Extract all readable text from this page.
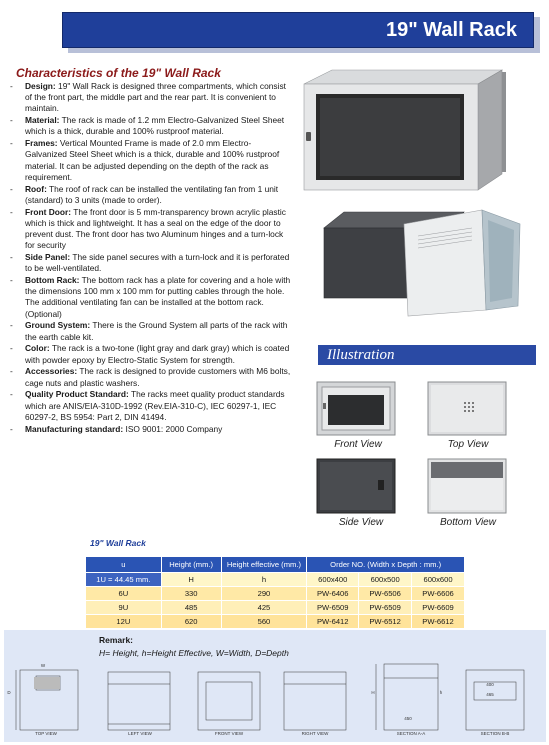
19" Wall Rack
Characteristics of the 19" Wall Rack
- Design: 19" Wall Rack is designed three compartments, which consist of the front part, the middle part and the rear part. It is convenient to maintain.
- Material: The rack is made of 1.2 mm Electro-Galvanized Steel Sheet which is a thick, durable and 100% rustproof material.
- Frames: Vertical Mounted Frame is made of 2.0 mm Electro-Galvanized Steel Sheet which is a thick, durable and 100% rustproof material. It can be adjusted depending on the depth of the rack as requirement.
- Roof: The roof of rack can be installed the ventilating fan from 1 unit (standard) to 3 units (made to order).
- Front Door: The front door is 5 mm-transparency brown acrylic plastic which is thick and lightweight. It has a seal on the edge of the door to prevent dust. The front door has two Aluminum hinges and a turn-lock for security
- Side Panel: The side panel secures with a turn-lock and it is perforated to be well-ventilated.
- Bottom Rack: The bottom rack has a plate for covering and a hole with the dimensions 100 mm x 100 mm for putting cables through the hole. The additional ventilating fan can be installed at the bottom rack. (Optional)
- Ground System: There is the Ground System all parts of the rack with the earth cable kit.
- Color: The rack is a two-tone (light gray and dark gray) which is coated with powder epoxy by Electro-Static System for strength.
- Accessories: The rack is designed to provide customers with M6 bolts, cage nuts and plastic washers.
- Quality Product Standard: The racks meet quality product standards which are ANIS/EIA-310D-1992 (Rev.EIA-310-C), IEC 60297-1, IEC 60297-2, BS 5954: Part 2, DIN 41494.
- Manufacturing standard: ISO 9001: 2000 Company
Illustration
Front View	Top View
Side View	Bottom View
19" Wall Rack
u	Height (mm.)	Height effective (mm.)	Order NO. (Width x Depth : mm.)		
1U = 44.45 mm.	H	h	600x400	600x500	600x600
6U	330	290	PW-6406	PW-6506	PW-6606
9U	485	425	PW-6509	PW-6509	PW-6609
12U	620	560	PW-6412	PW-6512	PW-6612
Remark:
H= Height, h=Height Effective, W=Width, D=Depth
TOP VIEW	LEFT VIEW	FRONT VIEW	RIGHT VIEW	SECTION A-A	SECTION B-B
W
D	H	h
450
400
465
